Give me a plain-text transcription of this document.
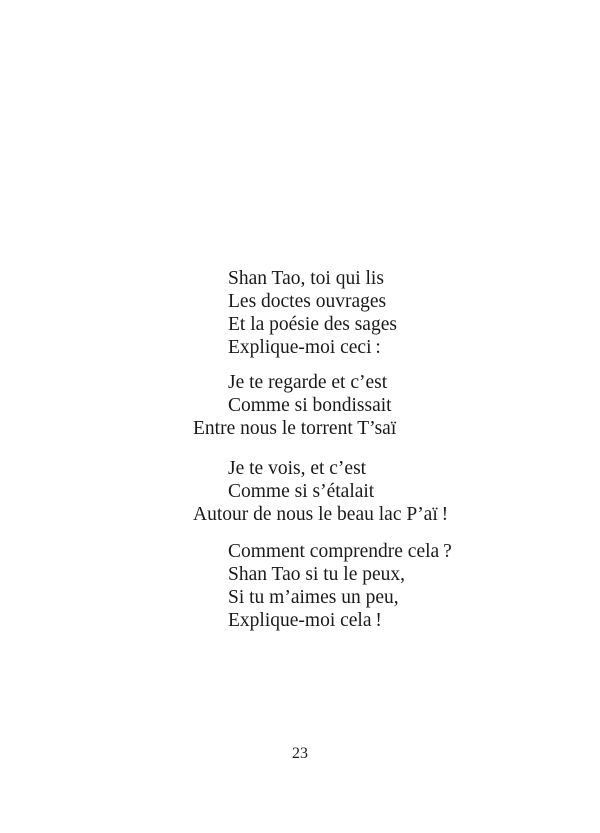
Shan Tao, toi qui lis
Les doctes ouvrages
Et la poésie des sages
Explique-moi ceci :
Je te regarde et c’est
Comme si bondissait
Entre nous le torrent T’saï
Je te vois, et c’est
Comme si s’étalait
Autour de nous le beau lac P’aï !
Comment comprendre cela ?
Shan Tao si tu le peux,
Si tu m’aimes un peu,
Explique-moi cela !
23
